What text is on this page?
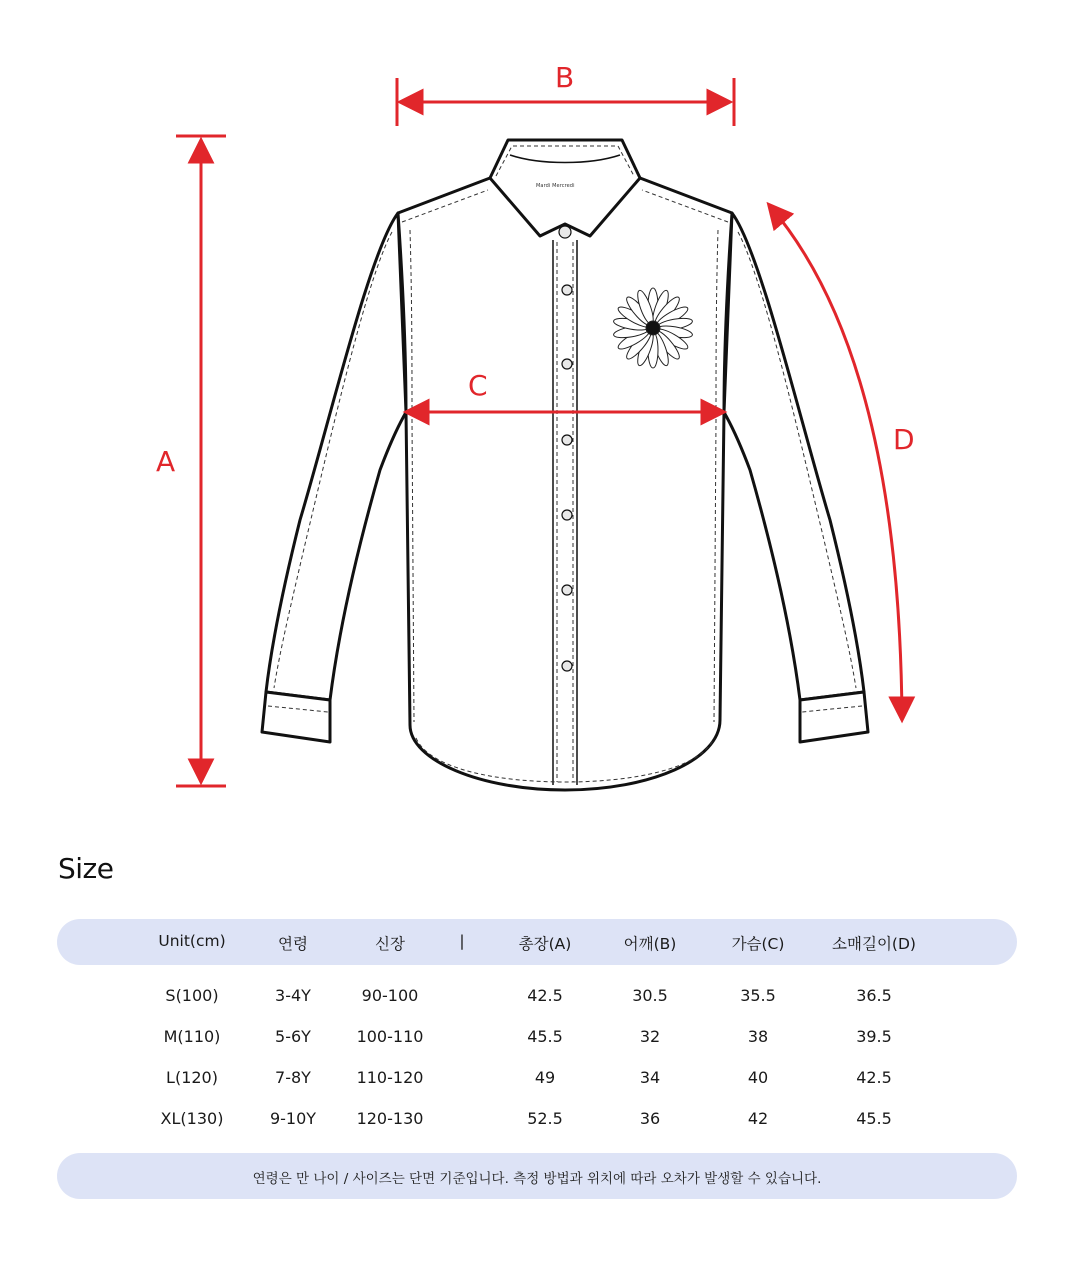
A
B
C
D
Mardi Mercredi
Size
Unit(cm)	연령	신장	|	총장(A)	어깨(B)	가슴(C)	소매길이(D)
S(100)	3-4Y	90-100	42.5	30.5	35.5	36.5
M(110)	5-6Y	100-110	45.5	32	38	39.5
L(120)	7-8Y	110-120	49	34	40	42.5
XL(130)	9-10Y	120-130	52.5	36	42	45.5
연령은 만 나이 / 사이즈는 단면 기준입니다. 측정 방법과 위치에 따라 오차가 발생할 수 있습니다.
